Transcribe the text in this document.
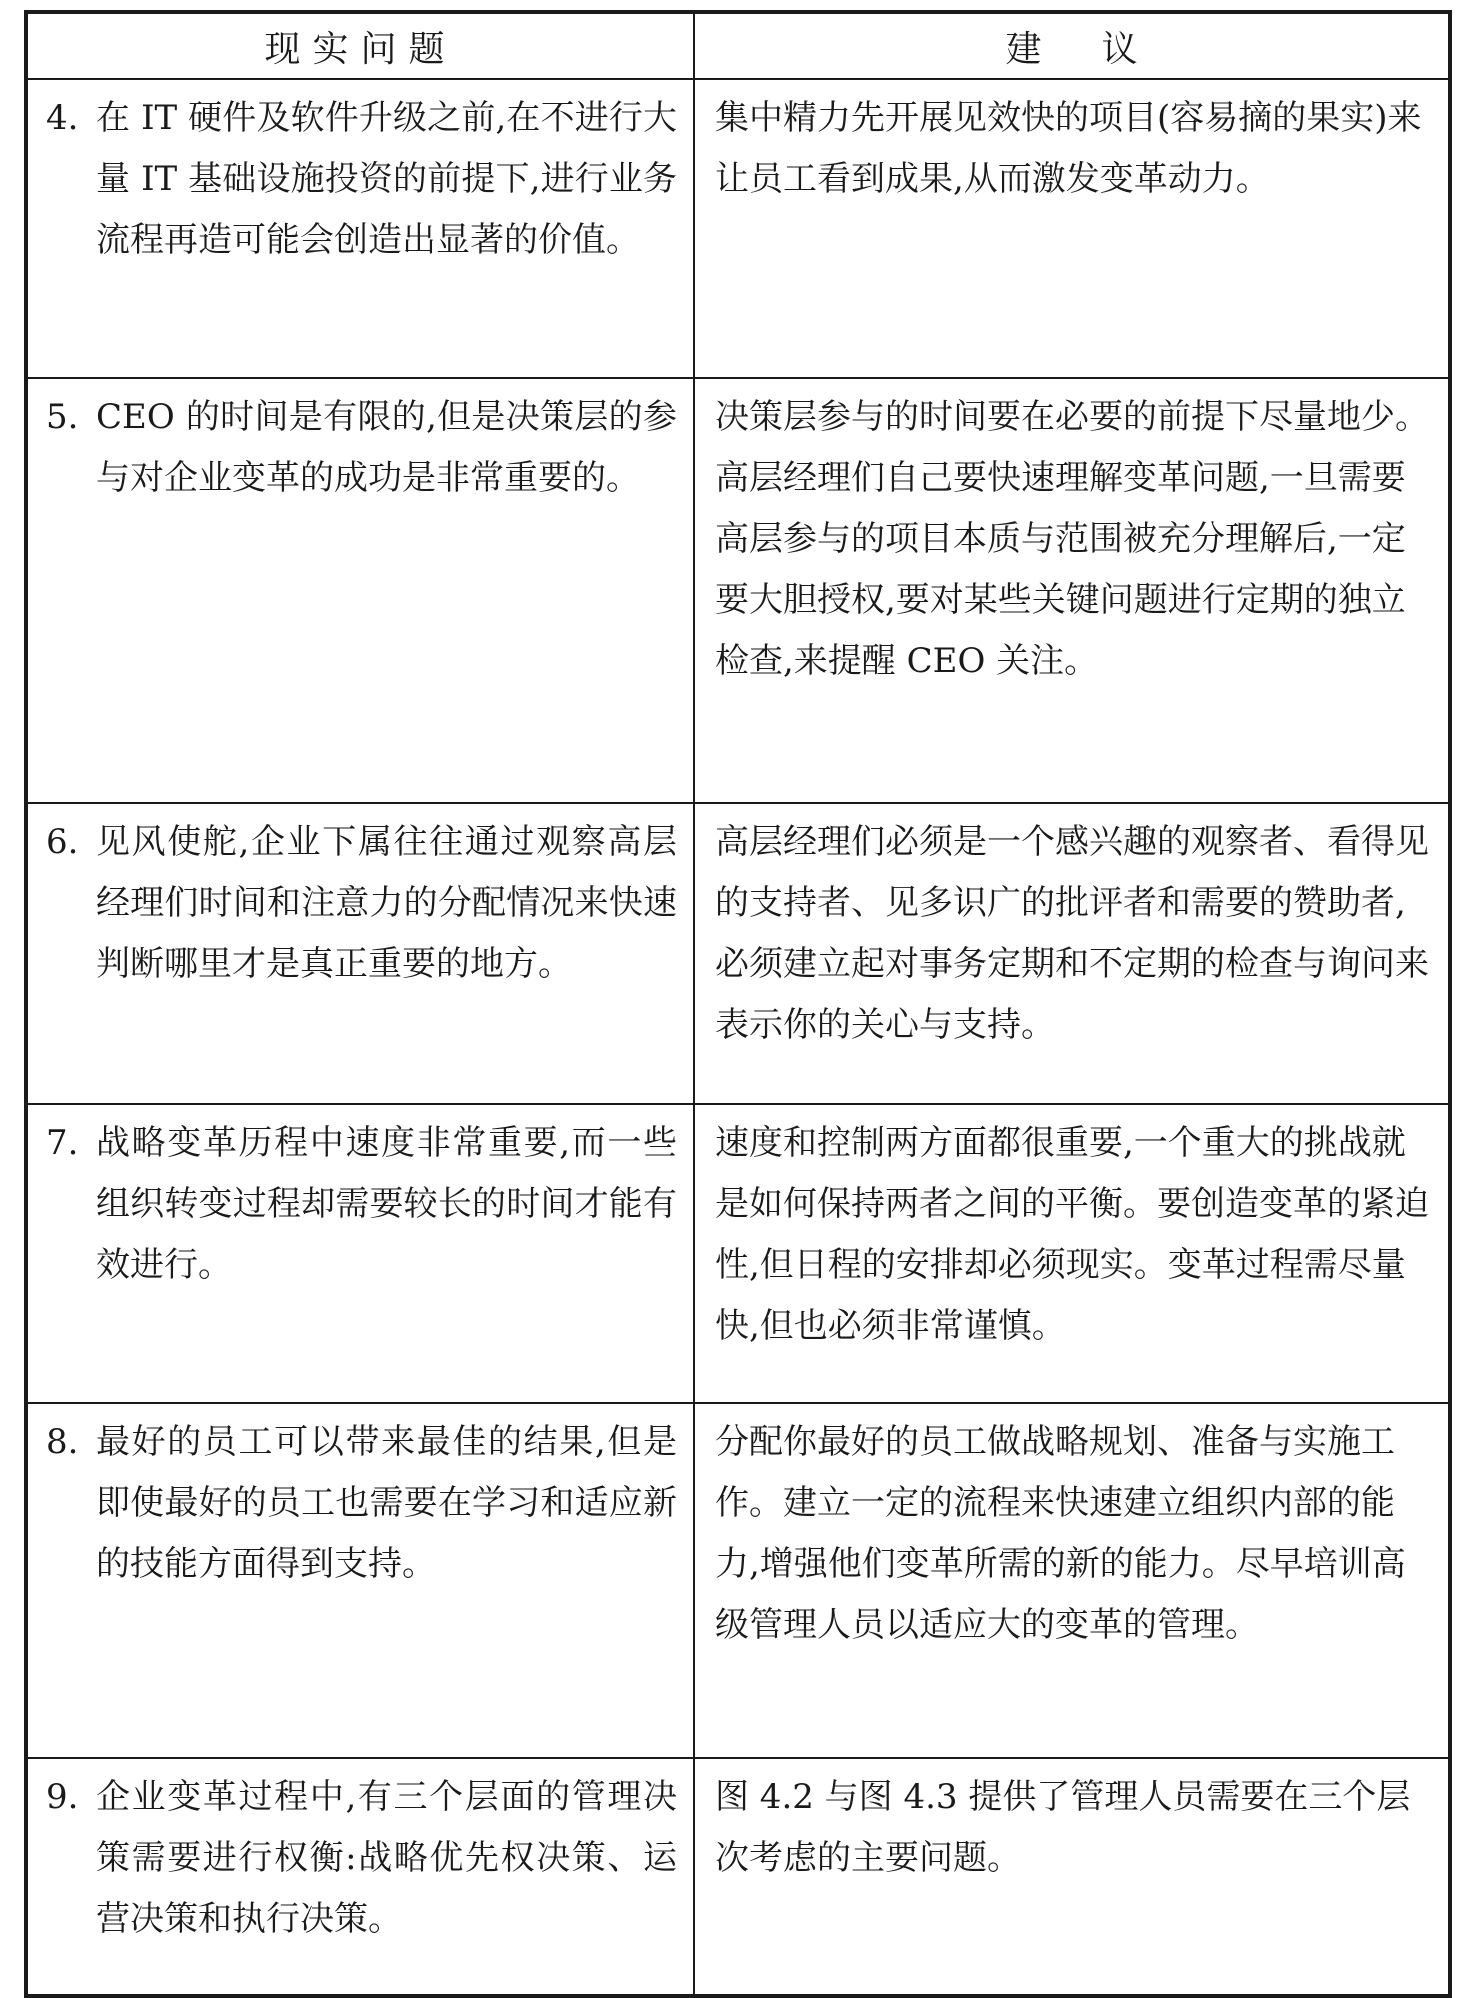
现实问题	建议

4. 在 IT 硬件及软件升级之前,在不进行大量 IT 基础设施投资的前提下,进行业务流程再造可能会创造出显著的价值。	集中精力先开展见效快的项目(容易摘的果实)来让员工看到成果,从而激发变革动力。

5. CEO 的时间是有限的,但是决策层的参与对企业变革的成功是非常重要的。	决策层参与的时间要在必要的前提下尽量地少。高层经理们自己要快速理解变革问题,一旦需要高层参与的项目本质与范围被充分理解后,一定要大胆授权,要对某些关键问题进行定期的独立检查,来提醒 CEO 关注。

6. 见风使舵,企业下属往往通过观察高层经理们时间和注意力的分配情况来快速判断哪里才是真正重要的地方。	高层经理们必须是一个感兴趣的观察者、看得见的支持者、见多识广的批评者和需要的赞助者,必须建立起对事务定期和不定期的检查与询问来表示你的关心与支持。

7. 战略变革历程中速度非常重要,而一些组织转变过程却需要较长的时间才能有效进行。	速度和控制两方面都很重要,一个重大的挑战就是如何保持两者之间的平衡。要创造变革的紧迫性,但日程的安排却必须现实。变革过程需尽量快,但也必须非常谨慎。

8. 最好的员工可以带来最佳的结果,但是即使最好的员工也需要在学习和适应新的技能方面得到支持。	分配你最好的员工做战略规划、准备与实施工作。建立一定的流程来快速建立组织内部的能力,增强他们变革所需的新的能力。尽早培训高级管理人员以适应大的变革的管理。

9. 企业变革过程中,有三个层面的管理决策需要进行权衡:战略优先权决策、运营决策和执行决策。	图 4.2 与图 4.3 提供了管理人员需要在三个层次考虑的主要问题。
